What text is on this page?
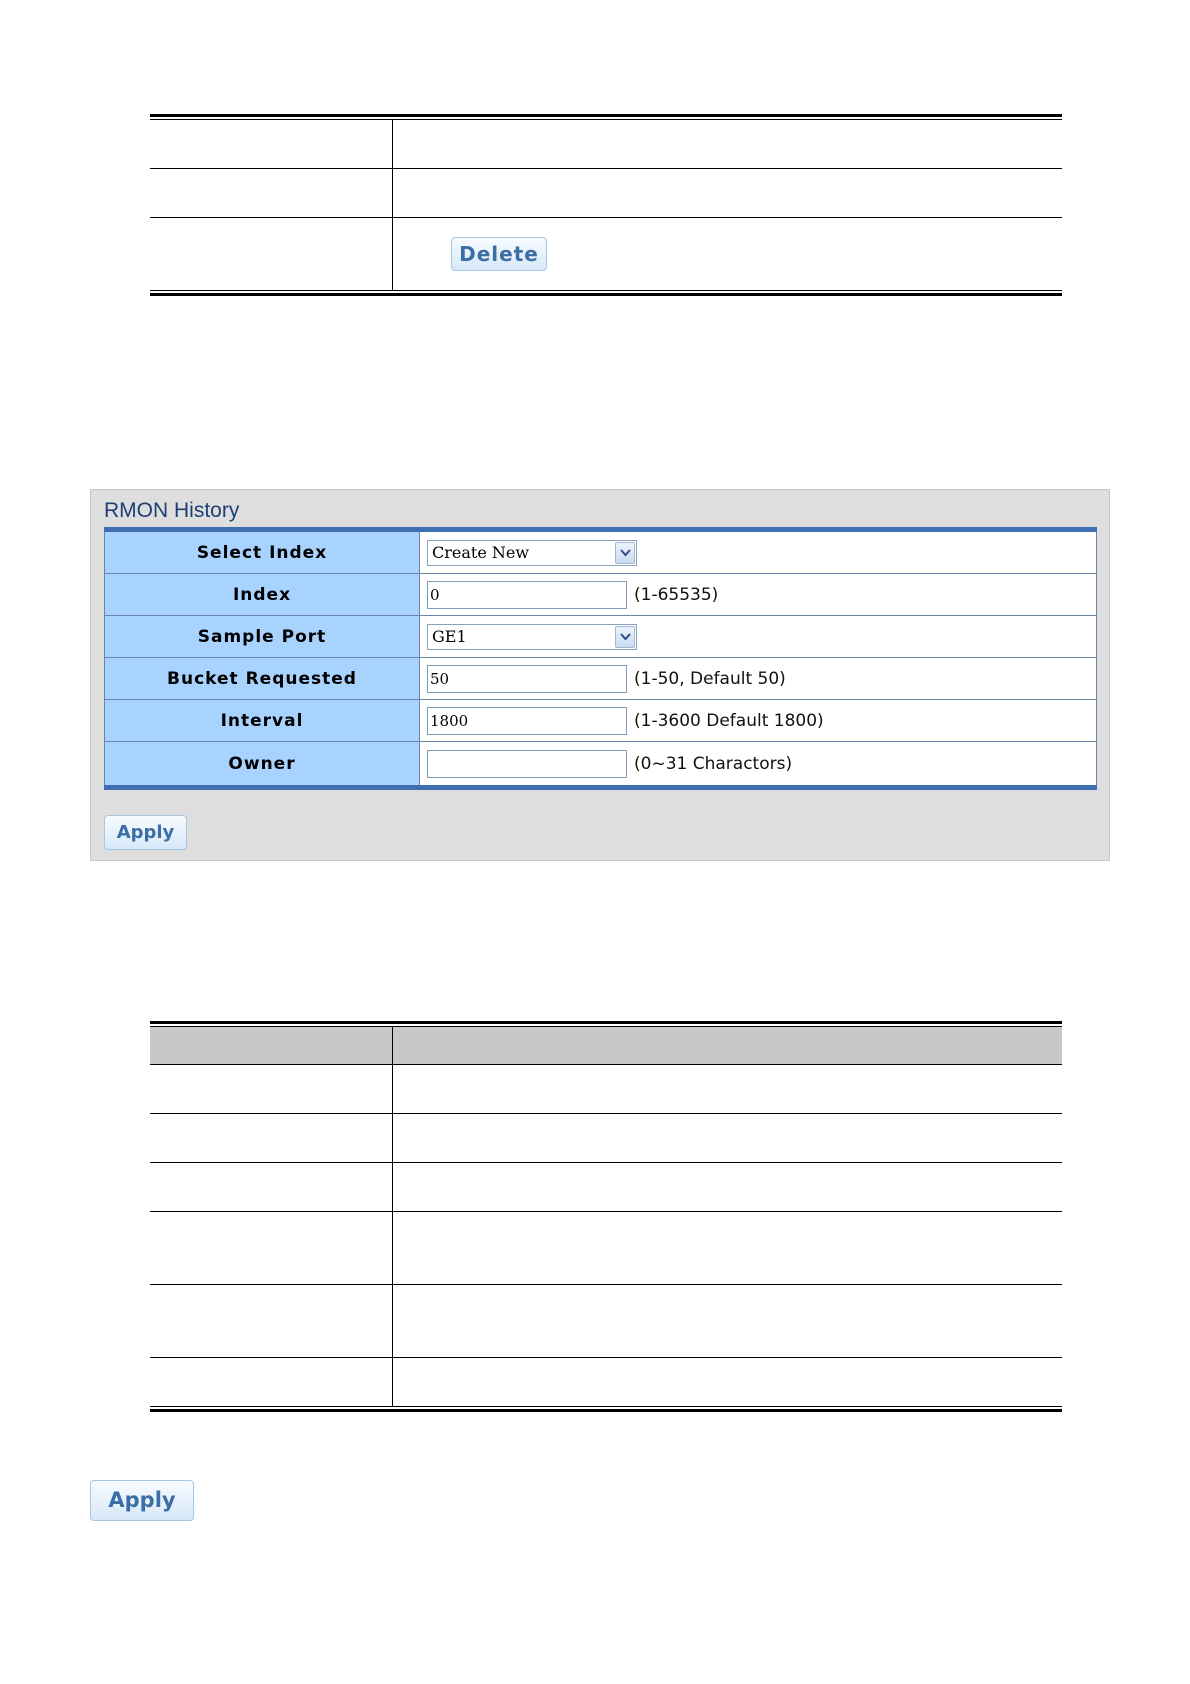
	Delete
RMON History
Select Index	Create New
Index	0	(1-65535)
Sample Port	GE1
Bucket Requested	50	(1-50, Default 50)
Interval	1800	(1-3600 Default 1800)
Owner	(0~31 Charactors)
Apply

Apply
